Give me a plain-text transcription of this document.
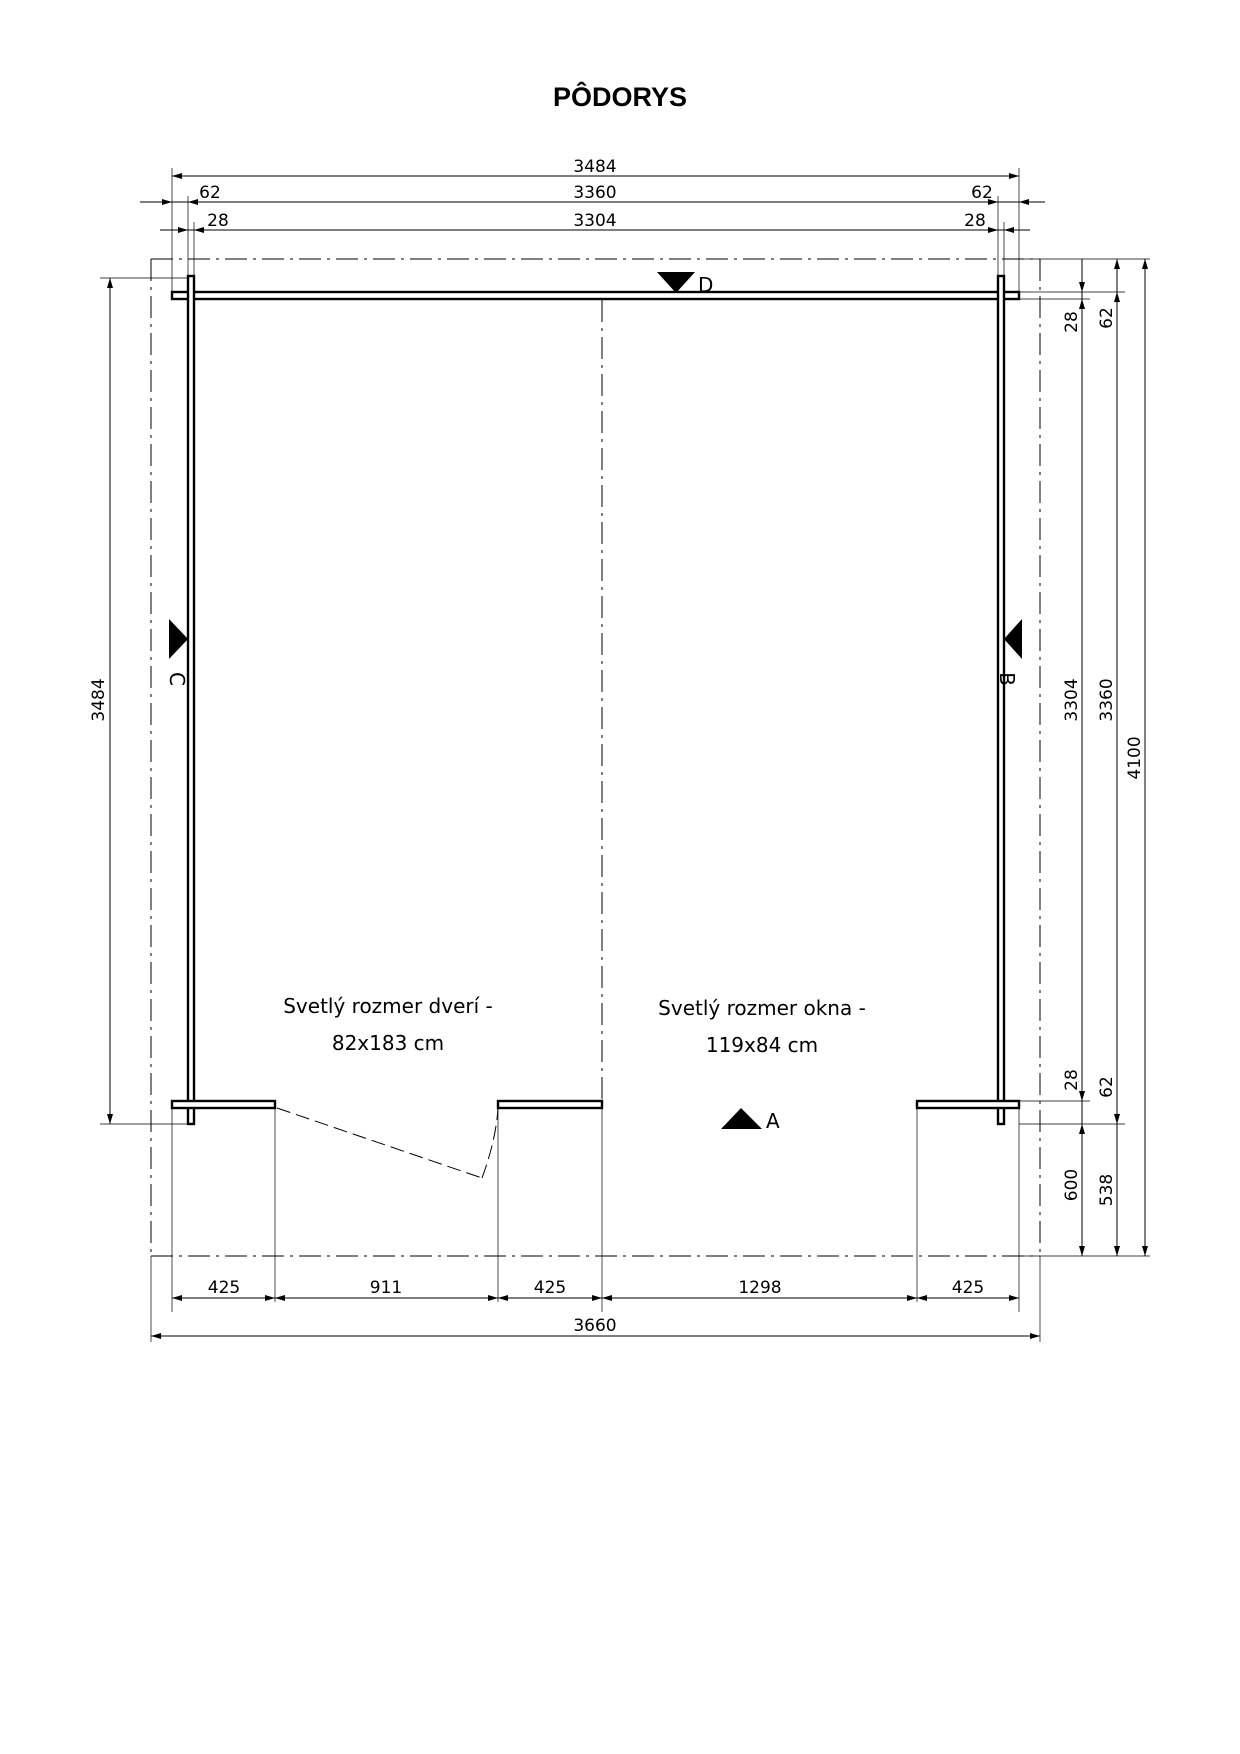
PÔDORYS
D
A
C	B
Svetlý rozmer dverí -
82x183 cm
Svetlý rozmer okna -
119x84 cm
3484
62	3360	62
28	3304	28
3484
28
3304
28
600
62
3360
62
538
4100
425	911	425	1298	425
3660
